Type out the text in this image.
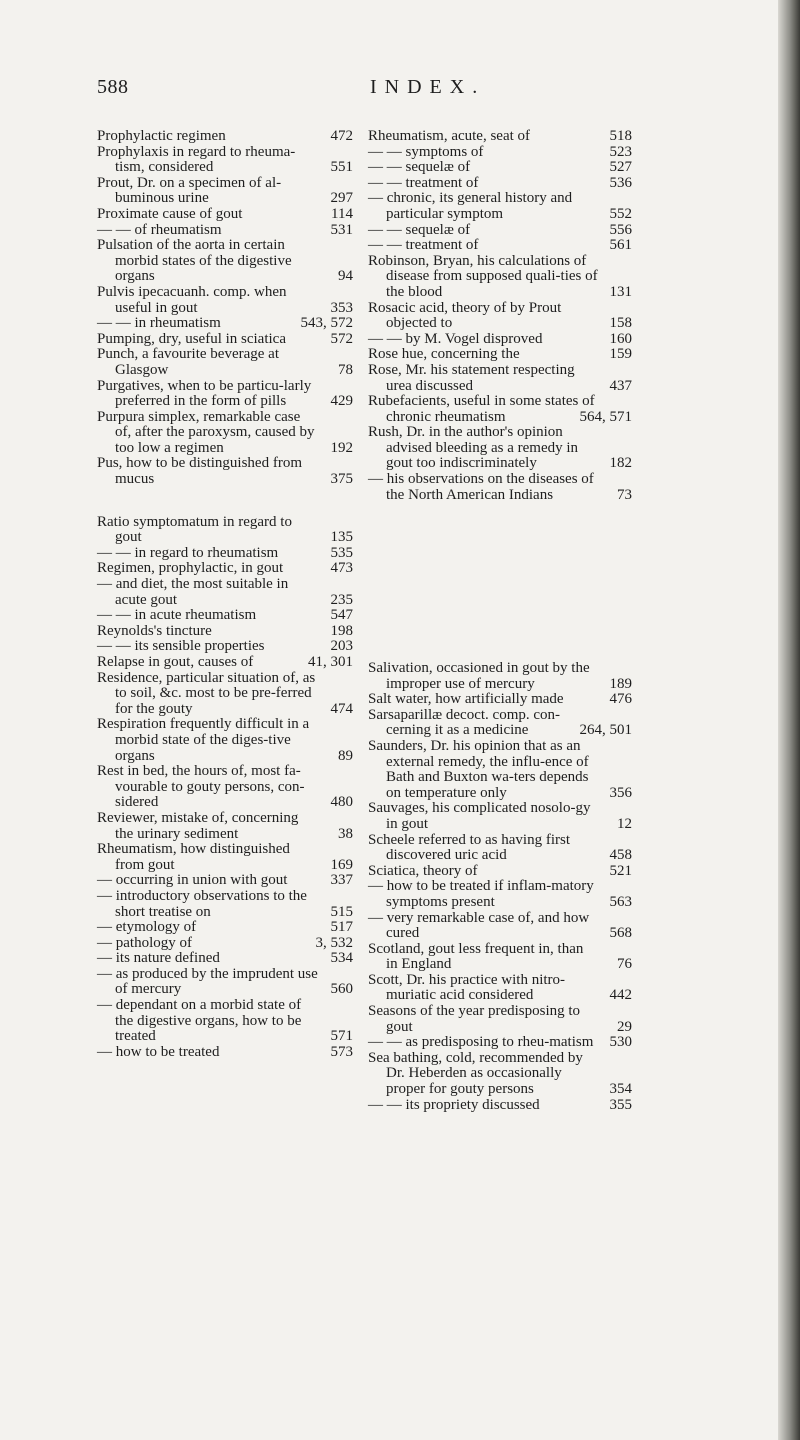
588	INDEX.
Prophylactic regimen	472
Prophylaxis in regard to rheuma-tism, considered	551
Prout, Dr. on a specimen of al-buminous urine	297
Proximate cause of gout	114
— — of rheumatism	531
Pulsation of the aorta in certain morbid states of the digestive organs	94
Pulvis ipecacuanh. comp. when useful in gout	353
— — in rheumatism	543, 572
Pumping, dry, useful in sciatica	572
Punch, a favourite beverage at Glasgow	78
Purgatives, when to be particu-larly preferred in the form of pills	429
Purpura simplex, remarkable case of, after the paroxysm, caused by too low a regimen	192
Pus, how to be distinguished from mucus	375
Ratio symptomatum in regard to gout	135
— — in regard to rheumatism	535
Regimen, prophylactic, in gout	473
— and diet, the most suitable in acute gout	235
— — in acute rheumatism	547
Reynolds's tincture	198
— — its sensible properties	203
Relapse in gout, causes of	41, 301
Residence, particular situation of, as to soil, &c. most to be pre-ferred for the gouty	474
Respiration frequently difficult in a morbid state of the diges-tive organs	89
Rest in bed, the hours of, most fa-vourable to gouty persons, con-sidered	480
Reviewer, mistake of, concerning the urinary sediment	38
Rheumatism, how distinguished from gout	169
— occurring in union with gout	337
— introductory observations to the short treatise on	515
— etymology of	517
— pathology of	3, 532
— its nature defined	534
— as produced by the imprudent use of mercury	560
— dependant on a morbid state of the digestive organs, how to be treated	571
— how to be treated	573
Rheumatism, acute, seat of	518
— — symptoms of	523
— — sequelæ of	527
— — treatment of	536
— chronic, its general history and particular symptom	552
— — sequelæ of	556
— — treatment of	561
Robinson, Bryan, his calculations of disease from supposed quali-ties of the blood	131
Rosacic acid, theory of by Prout objected to	158
— — by M. Vogel disproved	160
Rose hue, concerning the	159
Rose, Mr. his statement respecting urea discussed	437
Rubefacients, useful in some states of chronic rheumatism	564, 571
Rush, Dr. in the author's opinion advised bleeding as a remedy in gout too indiscriminately	182
— his observations on the diseases of the North American Indians	73
Salivation, occasioned in gout by the improper use of mercury	189
Salt water, how artificially made	476
Sarsaparillæ decoct. comp. con-cerning it as a medicine	264, 501
Saunders, Dr. his opinion that as an external remedy, the influ-ence of Bath and Buxton wa-ters depends on temperature only	356
Sauvages, his complicated nosolo-gy in gout	12
Scheele referred to as having first discovered uric acid	458
Sciatica, theory of	521
— how to be treated if inflam-matory symptoms present	563
— very remarkable case of, and how cured	568
Scotland, gout less frequent in, than in England	76
Scott, Dr. his practice with nitro-muriatic acid considered	442
Seasons of the year predisposing to gout	29
— — as predisposing to rheu-matism 530
Sea bathing, cold, recommended by Dr. Heberden as occasionally proper for gouty persons	354
— — its propriety discussed	355
